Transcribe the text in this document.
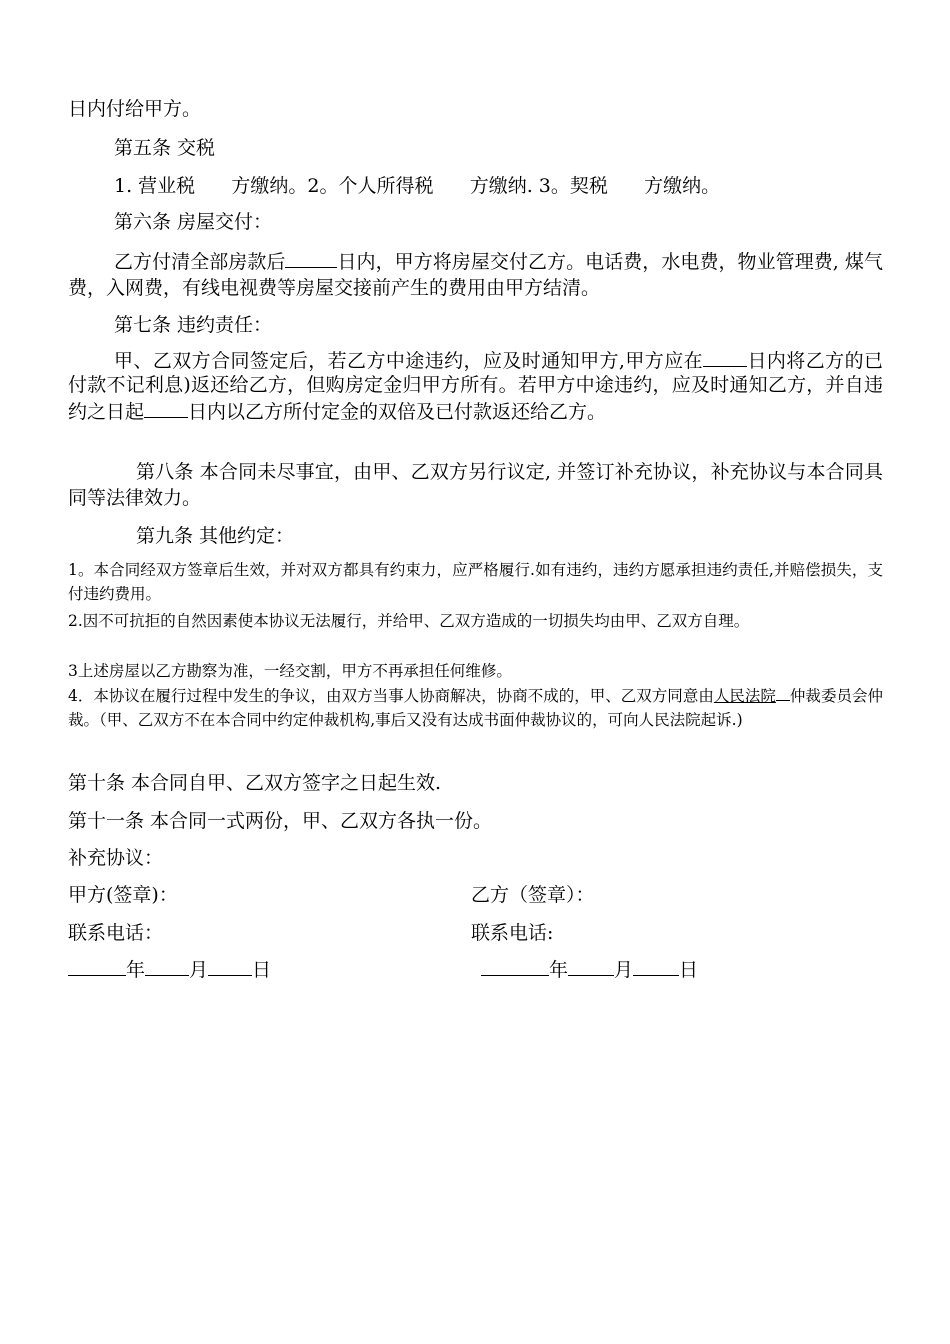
日内付给甲方。
第五条 交税
1. 营业税      方缴纳。2。个人所得税      方缴纳. 3。契税      方缴纳。
第六条 房屋交付：
乙方付清全部房款后	日内，甲方将房屋交付乙方。电话费，水电费，物业管理费, 煤气费，入网费，有线电视费等房屋交接前产生的费用由甲方结清。
第七条 违约责任：
甲、乙双方合同签定后，若乙方中途违约，应及时通知甲方,甲方应在 日内将乙方的已付款不记利息)返还给乙方，但购房定金归甲方所有。若甲方中途违约，应及时通知乙方，并自违约之日起 日内以乙方所付定金的双倍及已付款返还给乙方。
第八条 本合同未尽事宜，由甲、乙双方另行议定, 并签订补充协议，补充协议与本合同具同等法律效力。
第九条 其他约定：
1。本合同经双方签章后生效，并对双方都具有约束力，应严格履行.如有违约，违约方愿承担违约责任,并赔偿损失，支付违约费用。
2.因不可抗拒的自然因素使本协议无法履行，并给甲、乙双方造成的一切损失均由甲、乙双方自理。
3上述房屋以乙方勘察为准，一经交割，甲方不再承担任何维修。
4．本协议在履行过程中发生的争议，由双方当事人协商解决，协商不成的，甲、乙双方同意由人民法院 仲裁委员会仲裁。（甲、乙双方不在本合同中约定仲裁机构,事后又没有达成书面仲裁协议的，可向人民法院起诉.)
第十条 本合同自甲、乙双方签字之日起生效.
第十一条 本合同一式两份，甲、乙双方各执一份。
补充协议：
甲方(签章)：	乙方（签章）：
联系电话：	联系电话:
年 月 日	年 月 日
